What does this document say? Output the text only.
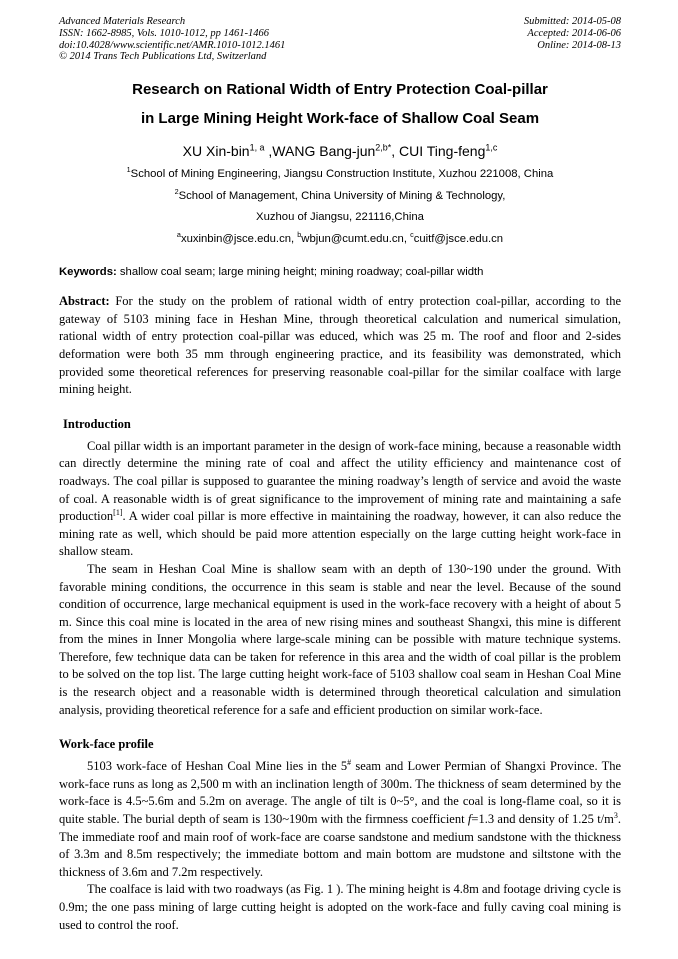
Advanced Materials Research
ISSN: 1662-8985, Vols. 1010-1012, pp 1461-1466
doi:10.4028/www.scientific.net/AMR.1010-1012.1461
© 2014 Trans Tech Publications Ltd, Switzerland
Submitted: 2014-05-08
Accepted: 2014-06-06
Online: 2014-08-13
Research on Rational Width of Entry Protection Coal-pillar
in Large Mining Height Work-face of Shallow Coal Seam
XU Xin-bin$^{1, a}$ ,WANG Bang-jun$^{2,b*}$, CUI Ting-feng$^{1,c}$
$^1$School of Mining Engineering, Jiangsu Construction Institute, Xuzhou 221008, China
$^2$School of Management, China University of Mining & Technology,
Xuzhou of Jiangsu, 221116,China
$^a$xuxinbin@jsce.edu.cn, $^b$wbjun@cumt.edu.cn, $^c$cuitf@jsce.edu.cn

Keywords: shallow coal seam; large mining height; mining roadway; coal-pillar width

Abstract: For the study on the problem of rational width of entry protection coal-pillar, according to the gateway of 5103 mining face in Heshan Mine, through theoretical calculation and numerical simulation, rational width of entry protection coal-pillar was educed, which was 25 m. The roof and floor and 2-sides deformation were both 35 mm through engineering practice, and its feasibility was demonstrated, which provided some theoretical references for preserving reasonable coal-pillar for the similar coalface with large mining height.

Introduction

Coal pillar width is an important parameter in the design of work-face mining, because a reasonable width can directly determine the mining rate of coal and affect the utility efficiency and maintenance cost of roadways. The coal pillar is supposed to guarantee the mining roadway’s length of service and avoid the waste of coal. A reasonable width is of great significance to the improvement of mining rate and maintaining a safe production[1]. A wider coal pillar is more effective in maintaining the roadway, however, it can also reduce the mining rate as well, which should be paid more attention especially on the large cutting height work-face in shallow steam.

The seam in Heshan Coal Mine is shallow seam with an depth of 130~190 under the ground. With favorable mining conditions, the occurrence in this seam is stable and near the level. Because of the sound condition of occurrence, large mechanical equipment is used in the work-face recovery with a height of about 5 m. Since this coal mine is located in the area of new rising mines and southeast Shangxi, this mine is different from the mines in Inner Mongolia where large-scale mining can be possible with mature technique systems. Therefore, few technique data can be taken for reference in this area and the width of coal pillar is the problem to be solved on the top list. The large cutting height work-face of 5103 shallow coal seam in Heshan Coal Mine is the research object and a reasonable width is determined through theoretical calculation and simulation analysis, providing theoretical reference for a safe and efficient production on similar work-face.

Work-face profile

5103 work-face of Heshan Coal Mine lies in the 5# seam and Lower Permian of Shangxi Province. The work-face runs as long as 2,500 m with an inclination length of 300m. The thickness of seam determined by the work-face is 4.5~5.6m and 5.2m on average. The angle of tilt is 0~5°, and the coal is long-flame coal, so it is quite stable. The burial depth of seam is 130~190m with the firmness coefficient f=1.3 and density of 1.25 $t/m^3$. The immediate roof and main roof of work-face are coarse sandstone and medium sandstone with the thickness of 3.3m and 8.5m respectively; the immediate bottom and main bottom are mudstone and siltstone with the thickness of 3.6m and 7.2m respectively.

The coalface is laid with two roadways (as Fig. 1 ). The mining height is 4.8m and footage driving cycle is 0.9m; the one pass mining of large cutting height is adopted on the work-face and fully caving coal mining is used to control the roof.
